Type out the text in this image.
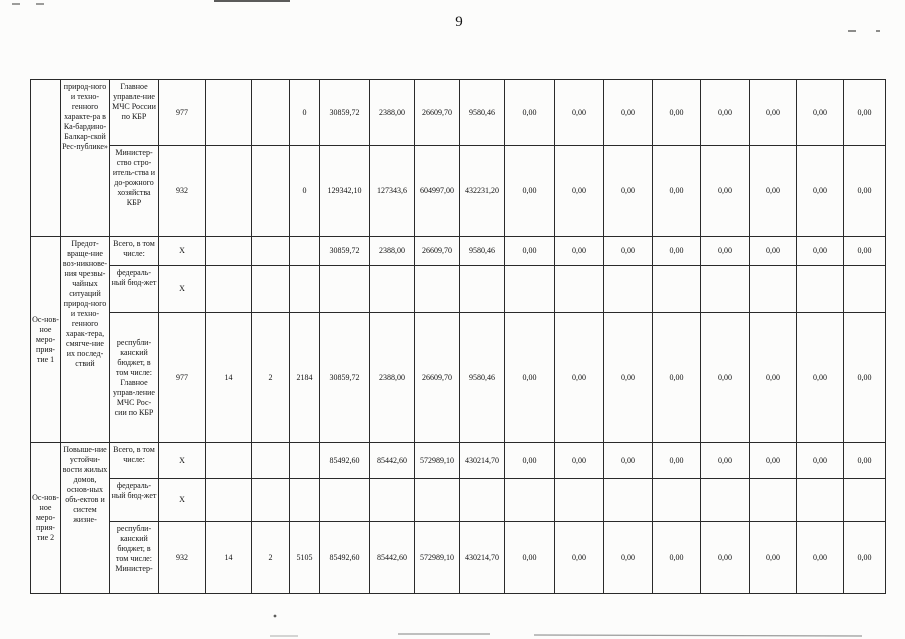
9
	природ-ного и техно-генного характе-ра в Ка-бардино-Балкар-ской Рес-публике»	Главное управле-ние МЧС России по КБР	977			0	30859,72	2388,00	26609,70	9580,46	0,00	0,00	0,00	0,00	0,00	0,00	0,00	0,00
		Министер-ство стро-итель-ства и до-рожного хозяйства КБР	932			0	129342,10	127343,6	604997,00	432231,20	0,00	0,00	0,00	0,00	0,00	0,00	0,00	0,00
Ос-нов-ное меро-прия-тие 1	Предот-вращe-ние воз-никнове-ния чрезвы-чайных ситуаций природ-ного и техно-генного харак-тера, смягче-ние их послед-ствий	Всего, в том числе:	X				30859,72	2388,00	26609,70	9580,46	0,00	0,00	0,00	0,00	0,00	0,00	0,00	0,00
		федераль-ный бюд-жет	X															
		республи-канский бюджет, в том числе: Главное управ-ление МЧС Рос-сии по КБР	977	14	2	2184	30859,72	2388,00	26609,70	9580,46	0,00	0,00	0,00	0,00	0,00	0,00	0,00	0,00
Ос-нов-ное меро-прия-тие 2	Повыше-ние устойчи-вости жилых домов, основ-ных объ-ектов и систем жизне-	Всего, в том числе:	X				85492,60	85442,60	572989,10	430214,70	0,00	0,00	0,00	0,00	0,00	0,00	0,00	0,00
		федераль-ный бюд-жет	X															
		республи-канский бюджет, в том числе: Министер-	932	14	2	5105	85492,60	85442,60	572989,10	430214,70	0,00	0,00	0,00	0,00	0,00	0,00	0,00	0,00
